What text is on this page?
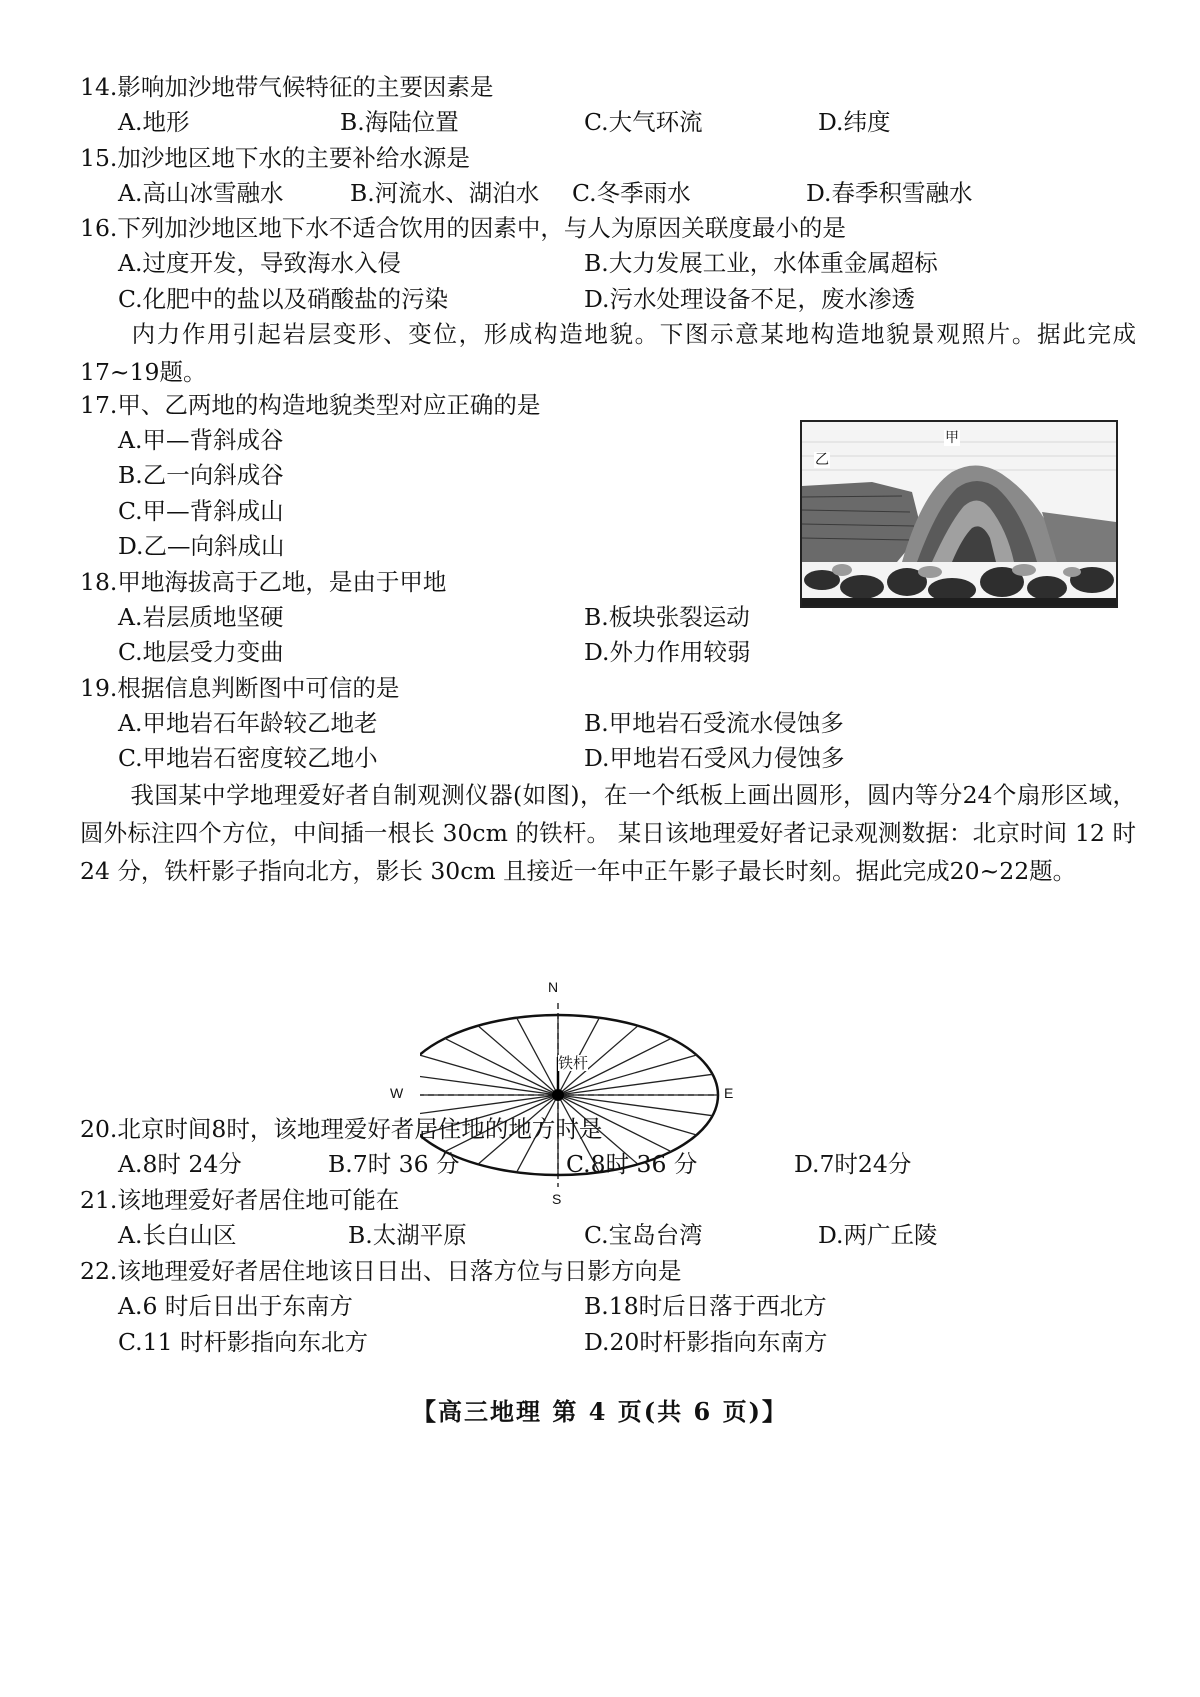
14.影响加沙地带气候特征的主要因素是
A.地形	B.海陆位置	C.大气环流	D.纬度
15.加沙地区地下水的主要补给水源是
A.高山冰雪融水	B.河流水、湖泊水 C.冬季雨水	D.春季积雪融水
16.下列加沙地区地下水不适合饮用的因素中，与人为原因关联度最小的是
A.过度开发，导致海水入侵	B.大力发展工业，水体重金属超标
C.化肥中的盐以及硝酸盐的污染	D.污水处理设备不足，废水渗透
内力作用引起岩层变形、变位，形成构造地貌。下图示意某地构造地貌景观照片。据此完成17~19题。
17.甲、乙两地的构造地貌类型对应正确的是
A.甲—背斜成谷
B.乙一向斜成谷
C.甲—背斜成山
D.乙—向斜成山
甲
乙
18.甲地海拔高于乙地，是由于甲地
A.岩层质地坚硬	B.板块张裂运动
C.地层受力变曲	D.外力作用较弱
19.根据信息判断图中可信的是
A.甲地岩石年龄较乙地老	B.甲地岩石受流水侵蚀多
C.甲地岩石密度较乙地小	D.甲地岩石受风力侵蚀多
我国某中学地理爱好者自制观测仪器(如图)，在一个纸板上画出圆形，圆内等分24个扇形区域，圆外标注四个方位，中间插一根长 30cm 的铁杆。 某日该地理爱好者记录观测数据：北京时间 12 时 24 分，铁杆影子指向北方，影长 30cm 且接近一年中正午影子最长时刻。据此完成20~22题。
N
S
W	E
铁杆
20.北京时间8时，该地理爱好者居住地的地方时是
A.8时 24分	B.7时 36 分	C.8时 36 分	D.7时24分
21.该地理爱好者居住地可能在
A.长白山区	B.太湖平原	C.宝岛台湾	D.两广丘陵
22.该地理爱好者居住地该日日出、日落方位与日影方向是
A.6 时后日出于东南方	B.18时后日落于西北方
C.11 时杆影指向东北方	D.20时杆影指向东南方
【高三地理 第 4 页(共 6 页)】
